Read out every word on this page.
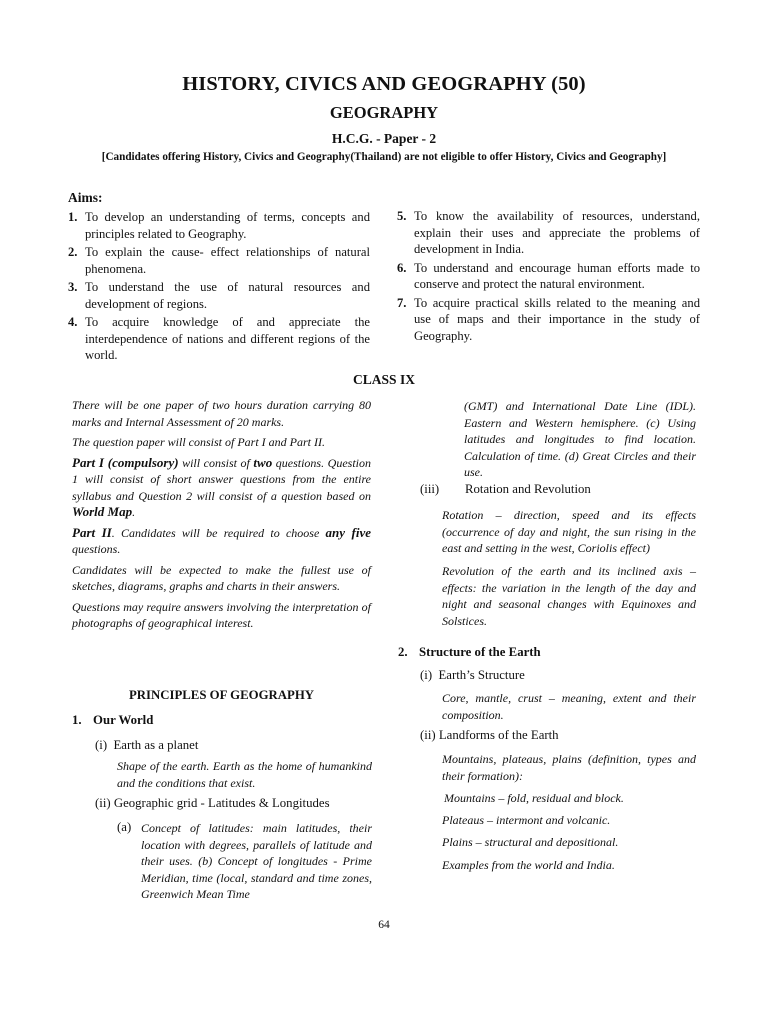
HISTORY, CIVICS AND GEOGRAPHY (50)
GEOGRAPHY
H.C.G. - Paper - 2
[Candidates offering History, Civics and Geography(Thailand) are not eligible to offer History, Civics and Geography]
Aims:
1. To develop an understanding of terms, concepts and principles related to Geography.
2. To explain the cause- effect relationships of natural phenomena.
3. To understand the use of natural resources and development of regions.
4. To acquire knowledge of and appreciate the interdependence of nations and different regions of the world.
5. To know the availability of resources, understand, explain their uses and appreciate the problems of development in India.
6. To understand and encourage human efforts made to conserve and protect the natural environment.
7. To acquire practical skills related to the meaning and use of maps and their importance in the study of Geography.
CLASS IX

There will be one paper of two hours duration carrying 80 marks and Internal Assessment of 20 marks.

The question paper will consist of Part I and Part II.

Part I (compulsory) will consist of two questions. Question 1 will consist of short answer questions from the entire syllabus and Question 2 will consist of a question based on World Map.

Part II. Candidates will be required to choose any five questions.

Candidates will be expected to make the fullest use of sketches, diagrams, graphs and charts in their answers.

Questions may require answers involving the interpretation of photographs of geographical interest.

PRINCIPLES OF GEOGRAPHY
1. Our World
(i)  Earth as a planet
Shape of the earth. Earth as the home of humankind and the conditions that exist.
(ii) Geographic grid - Latitudes & Longitudes
(a) Concept of latitudes: main latitudes, their location with degrees, parallels of latitude and their uses. (b) Concept of longitudes - Prime Meridian, time (local, standard and time zones, Greenwich Mean Time
(GMT) and International Date Line (IDL). Eastern and Western hemisphere. (c) Using latitudes and longitudes to find location. Calculation of time. (d) Great Circles and their use.
(iii) Rotation and Revolution
Rotation – direction, speed and its effects (occurrence of day and night, the sun rising in the east and setting in the west, Coriolis effect)
Revolution of the earth and its inclined axis – effects: the variation in the length of the day and night and seasonal changes with Equinoxes and Solstices.
2. Structure of the Earth
(i)  Earth’s Structure
Core, mantle, crust – meaning, extent and their composition.
(ii) Landforms of the Earth
Mountains, plateaus, plains (definition, types and their formation):
Mountains – fold, residual and block.
Plateaus – intermont and volcanic.
Plains – structural and depositional.
Examples from the world and India.
64
